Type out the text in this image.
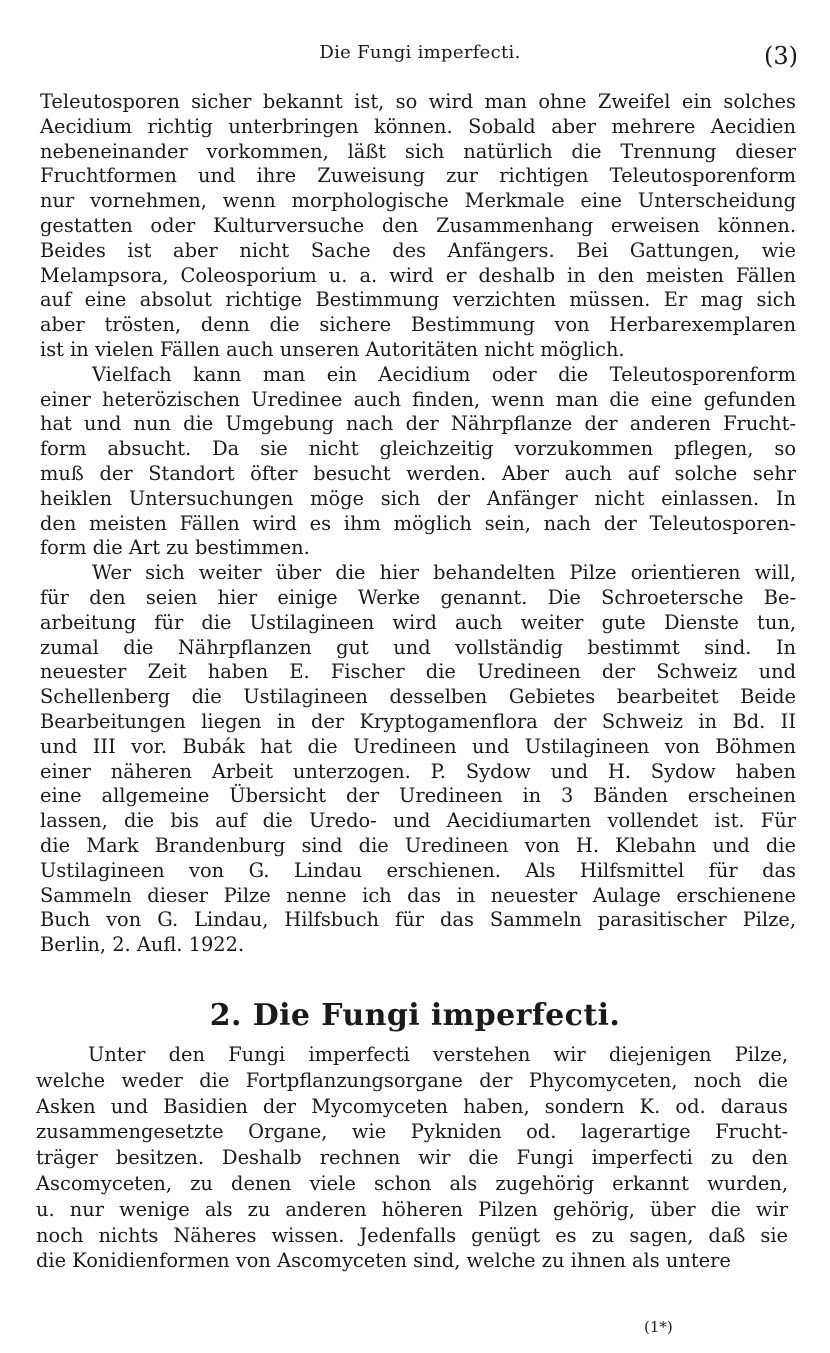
Die Fungi imperfecti.	(3)
Teleutosporen sicher bekannt ist, so wird man ohne Zweifel ein solches
Aecidium richtig unterbringen können. Sobald aber mehrere Aecidien
nebeneinander vorkommen, läßt sich natürlich die Trennung dieser
Fruchtformen und ihre Zuweisung zur richtigen Teleutosporenform
nur vornehmen, wenn morphologische Merkmale eine Unterscheidung
gestatten oder Kulturversuche den Zusammenhang erweisen können.
Beides ist aber nicht Sache des Anfängers. Bei Gattungen, wie
Melampsora, Coleosporium u. a. wird er deshalb in den meisten Fällen
auf eine absolut richtige Bestimmung verzichten müssen. Er mag sich
aber trösten, denn die sichere Bestimmung von Herbarexemplaren
ist in vielen Fällen auch unseren Autoritäten nicht möglich.
Vielfach kann man ein Aecidium oder die Teleutosporenform
einer heterözischen Uredinee auch finden, wenn man die eine gefunden
hat und nun die Umgebung nach der Nährpflanze der anderen Frucht-
form absucht. Da sie nicht gleichzeitig vorzukommen pflegen, so
muß der Standort öfter besucht werden. Aber auch auf solche sehr
heiklen Untersuchungen möge sich der Anfänger nicht einlassen. In
den meisten Fällen wird es ihm möglich sein, nach der Teleutosporen-
form die Art zu bestimmen.
Wer sich weiter über die hier behandelten Pilze orientieren will,
für den seien hier einige Werke genannt. Die Schroetersche Be-
arbeitung für die Ustilagineen wird auch weiter gute Dienste tun,
zumal die Nährpflanzen gut und vollständig bestimmt sind. In
neuester Zeit haben E. Fischer die Uredineen der Schweiz und
Schellenberg die Ustilagineen desselben Gebietes bearbeitet Beide
Bearbeitungen liegen in der Kryptogamenflora der Schweiz in Bd. II
und III vor. Bubák hat die Uredineen und Ustilagineen von Böhmen
einer näheren Arbeit unterzogen. P. Sydow und H. Sydow haben
eine allgemeine Übersicht der Uredineen in 3 Bänden erscheinen
lassen, die bis auf die Uredo- und Aecidiumarten vollendet ist. Für
die Mark Brandenburg sind die Uredineen von H. Klebahn und die
Ustilagineen von G. Lindau erschienen. Als Hilfsmittel für das
Sammeln dieser Pilze nenne ich das in neuester Aulage erschienene
Buch von G. Lindau, Hilfsbuch für das Sammeln parasitischer Pilze,
Berlin, 2. Aufl. 1922.
2. Die Fungi imperfecti.
Unter den Fungi imperfecti verstehen wir diejenigen Pilze,
welche weder die Fortpflanzungsorgane der Phycomyceten, noch die
Asken und Basidien der Mycomyceten haben, sondern K. od. daraus
zusammengesetzte Organe, wie Pykniden od. lagerartige Frucht-
träger besitzen. Deshalb rechnen wir die Fungi imperfecti zu den
Ascomyceten, zu denen viele schon als zugehörig erkannt wurden,
u. nur wenige als zu anderen höheren Pilzen gehörig, über die wir
noch nichts Näheres wissen. Jedenfalls genügt es zu sagen, daß sie
die Konidienformen von Ascomyceten sind, welche zu ihnen als untere
(1*)
